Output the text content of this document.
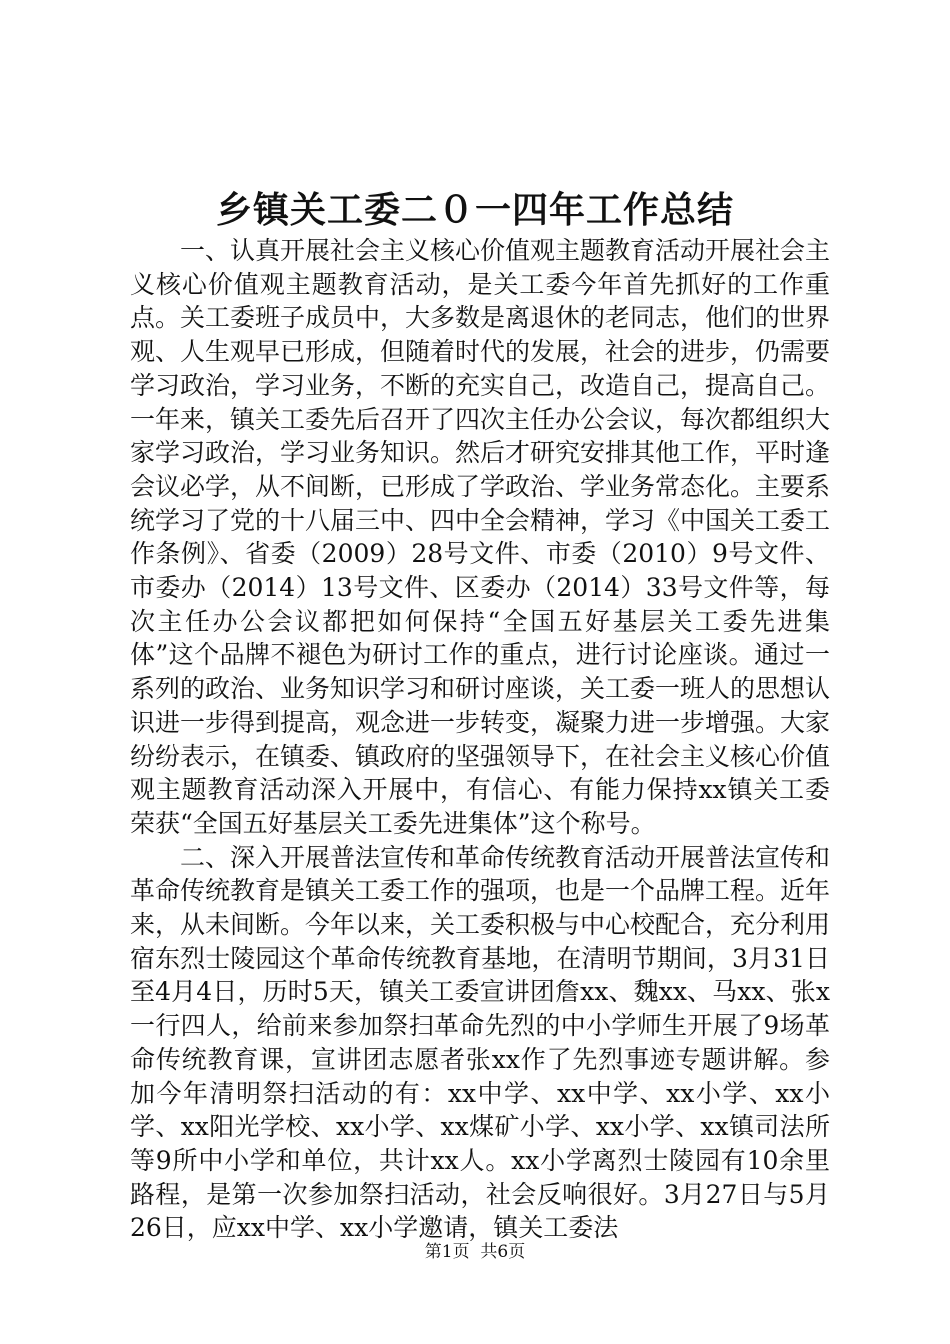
乡镇关工委二０一四年工作总结

一、认真开展社会主义核心价值观主题教育活动开展社会主义核心价值观主题教育活动，是关工委今年首先抓好的工作重点。关工委班子成员中，大多数是离退休的老同志，他们的世界观、人生观早已形成，但随着时代的发展，社会的进步，仍需要学习政治，学习业务，不断的充实自己，改造自己，提高自己。一年来，镇关工委先后召开了四次主任办公会议，每次都组织大家学习政治，学习业务知识。然后才研究安排其他工作，平时逢会议必学，从不间断，已形成了学政治、学业务常态化。主要系统学习了党的十八届三中、四中全会精神，学习《中国关工委工作条例》、省委（2009）28号文件、市委（2010）9号文件、市委办（2014）13号文件、区委办（2014）33号文件等，每次主任办公会议都把如何保持“全国五好基层关工委先进集体”这个品牌不褪色为研讨工作的重点，进行讨论座谈。通过一系列的政治、业务知识学习和研讨座谈，关工委一班人的思想认识进一步得到提高，观念进一步转变，凝聚力进一步增强。大家纷纷表示，在镇委、镇政府的坚强领导下，在社会主义核心价值观主题教育活动深入开展中，有信心、有能力保持xx镇关工委荣获“全国五好基层关工委先进集体”这个称号。

二、深入开展普法宣传和革命传统教育活动开展普法宣传和革命传统教育是镇关工委工作的强项，也是一个品牌工程。近年来，从未间断。今年以来，关工委积极与中心校配合，充分利用宿东烈士陵园这个革命传统教育基地，在清明节期间，3月31日至4月4日，历时5天，镇关工委宣讲团詹xx、魏xx、马xx、张x一行四人，给前来参加祭扫革命先烈的中小学师生开展了9场革命传统教育课，宣讲团志愿者张xx作了先烈事迹专题讲解。参加今年清明祭扫活动的有：xx中学、xx中学、xx小学、xx小学、xx阳光学校、xx小学、xx煤矿小学、xx小学、xx镇司法所等9所中小学和单位，共计xx人。xx小学离烈士陵园有10余里路程，是第一次参加祭扫活动，社会反响很好。3月27日与5月26日，应xx中学、xx小学邀请，镇关工委法

第1页 共6页
